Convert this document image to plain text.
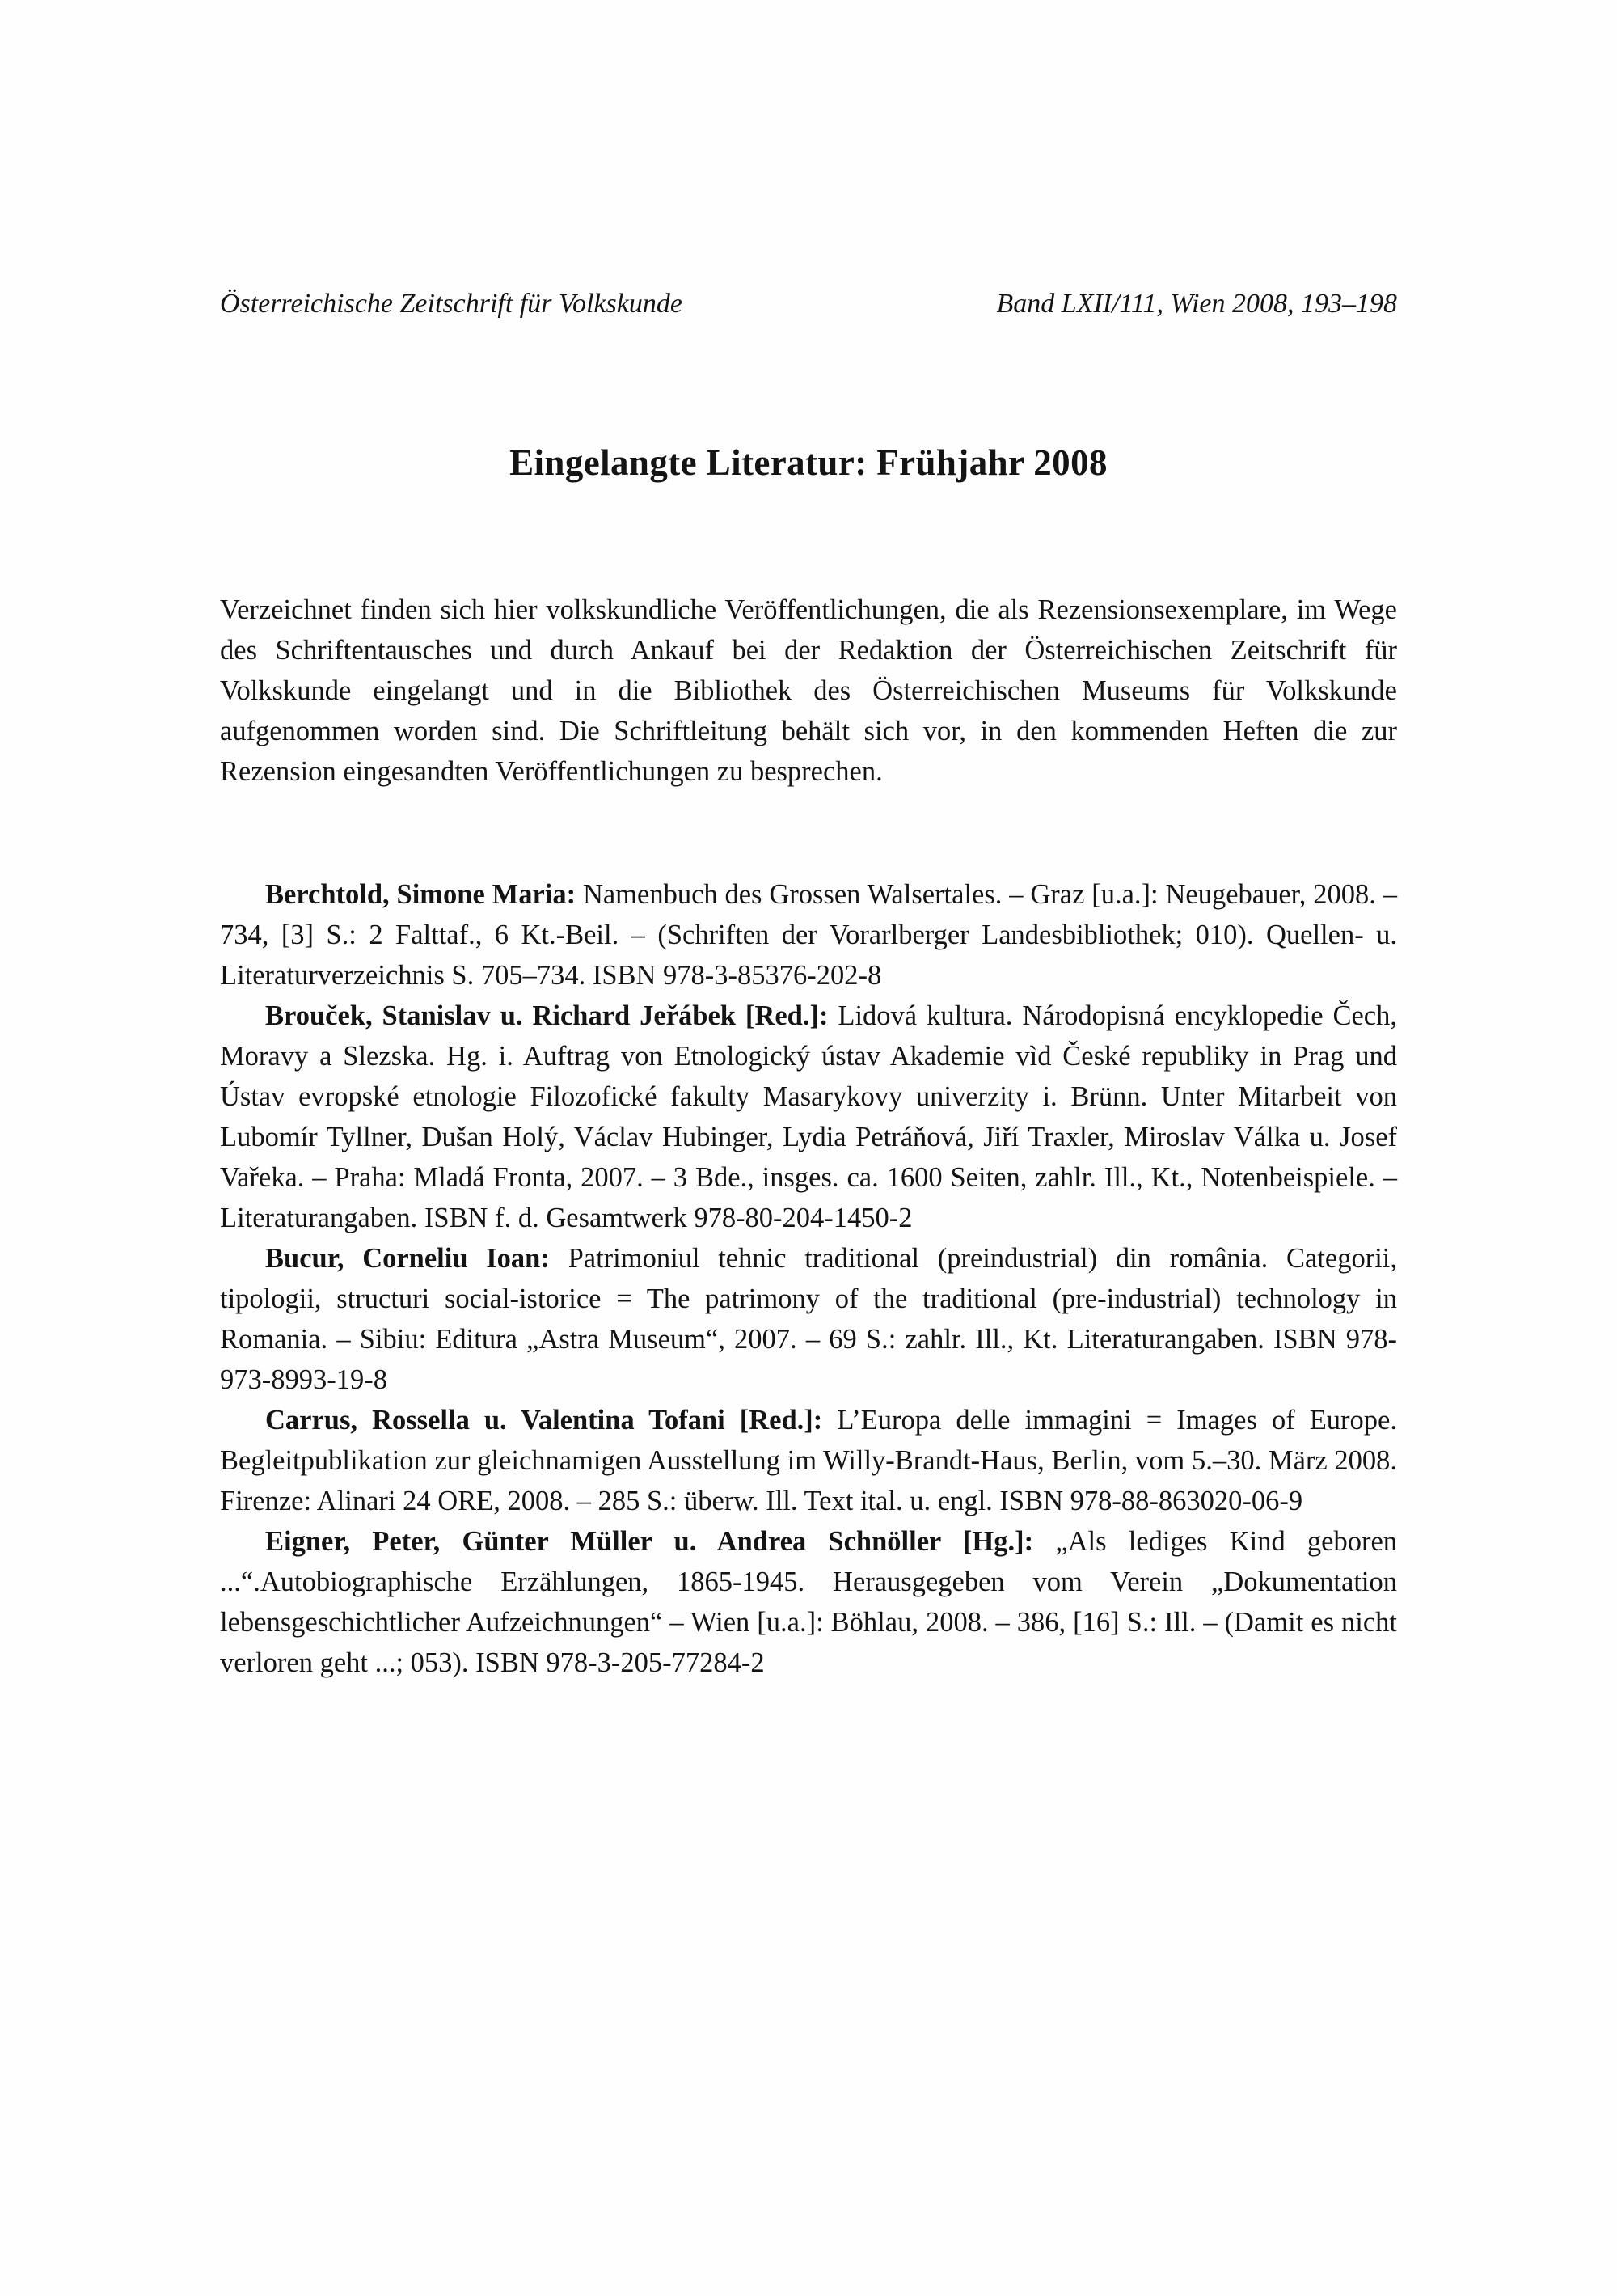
Österreichische Zeitschrift für Volkskunde	Band LXII/111, Wien 2008, 193–198
Eingelangte Literatur: Frühjahr 2008

Verzeichnet finden sich hier volkskundliche Veröffentlichungen, die als Rezensionsexemplare, im Wege des Schriftentausches und durch Ankauf bei der Redaktion der Österreichischen Zeitschrift für Volkskunde eingelangt und in die Bibliothek des Österreichischen Museums für Volkskunde aufgenommen worden sind. Die Schriftleitung behält sich vor, in den kommenden Heften die zur Rezension eingesandten Veröffentlichungen zu besprechen.

Berchtold, Simone Maria: Namenbuch des Grossen Walsertales. – Graz [u.a.]: Neugebauer, 2008. – 734, [3] S.: 2 Falttaf., 6 Kt.-Beil. – (Schriften der Vorarlberger Landesbibliothek; 010). Quellen- u. Literaturverzeichnis S. 705–734. ISBN 978-3-85376-202-8

Brouček, Stanislav u. Richard Jeřábek [Red.]: Lidová kultura. Národopisná encyklopedie Čech, Moravy a Slezska. Hg. i. Auftrag von Etnologický ústav Akademie vìd České republiky in Prag und Ústav evropské etnologie Filozofické fakulty Masarykovy univerzity i. Brünn. Unter Mitarbeit von Lubomír Tyllner, Dušan Holý, Václav Hubinger, Lydia Petráňová, Jiří Traxler, Miroslav Válka u. Josef Vařeka. – Praha: Mladá Fronta, 2007. – 3 Bde., insges. ca. 1600 Seiten, zahlr. Ill., Kt., Notenbeispiele. – Literaturangaben. ISBN f. d. Gesamtwerk 978-80-204-1450-2

Bucur, Corneliu Ioan: Patrimoniul tehnic traditional (preindustrial) din românia. Categorii, tipologii, structuri social-istorice = The patrimony of the traditional (pre-industrial) technology in Romania. – Sibiu: Editura „Astra Museum“, 2007. – 69 S.: zahlr. Ill., Kt. Literaturangaben. ISBN 978-973-8993-19-8

Carrus, Rossella u. Valentina Tofani [Red.]: L’Europa delle immagini = Images of Europe. Begleitpublikation zur gleichnamigen Ausstellung im Willy-Brandt-Haus, Berlin, vom 5.–30. März 2008. Firenze: Alinari 24 ORE, 2008. – 285 S.: überw. Ill. Text ital. u. engl. ISBN 978-88-863020-06-9

Eigner, Peter, Günter Müller u. Andrea Schnöller [Hg.]: „Als lediges Kind geboren ...“.Autobiographische Erzählungen, 1865-1945. Herausgegeben vom Verein „Dokumentation lebensgeschichtlicher Aufzeichnungen“ – Wien [u.a.]: Böhlau, 2008. – 386, [16] S.: Ill. – (Damit es nicht verloren geht ...; 053). ISBN 978-3-205-77284-2
